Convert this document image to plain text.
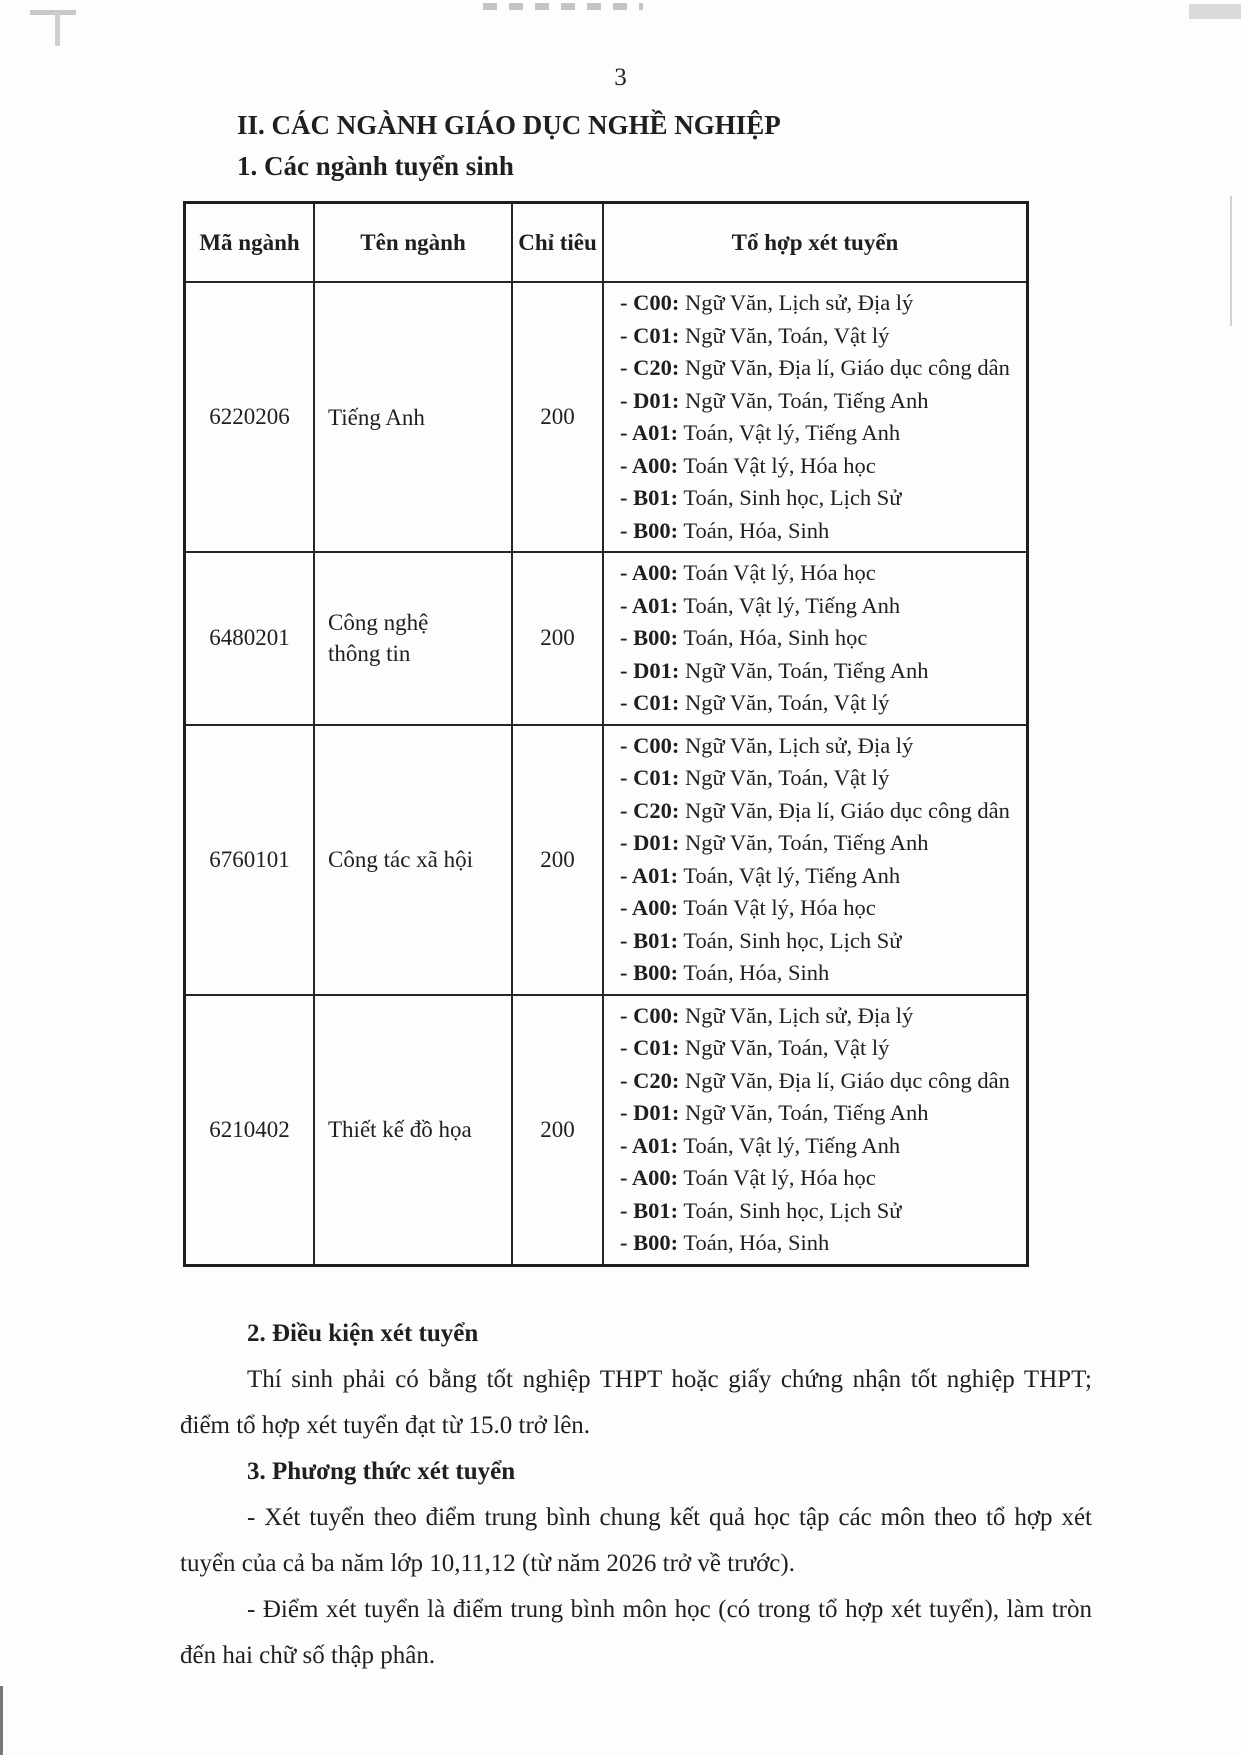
3
II. CÁC NGÀNH GIÁO DỤC NGHỀ NGHIỆP
1. Các ngành tuyển sinh
Mã ngành	Tên ngành	Chỉ tiêu	Tổ hợp xét tuyển
6220206	Tiếng Anh	200	
- C00: Ngữ Văn, Lịch sử, Địa lý
- C01: Ngữ Văn, Toán, Vật lý
- C20: Ngữ Văn, Địa lí, Giáo dục công dân
- D01: Ngữ Văn, Toán, Tiếng Anh
- A01: Toán, Vật lý, Tiếng Anh
- A00: Toán Vật lý, Hóa học
- B01: Toán, Sinh học, Lịch Sử
- B00: Toán, Hóa, Sinh

6480201	Công nghệ thông tin	200	- A00: Toán Vật lý, Hóa học
- A01: Toán, Vật lý, Tiếng Anh
- B00: Toán, Hóa, Sinh học
- D01: Ngữ Văn, Toán, Tiếng Anh
- C01: Ngữ Văn, Toán, Vật lý

6760101	Công tác xã hội	200	
- C00: Ngữ Văn, Lịch sử, Địa lý
- C01: Ngữ Văn, Toán, Vật lý
- C20: Ngữ Văn, Địa lí, Giáo dục công dân
- D01: Ngữ Văn, Toán, Tiếng Anh
- A01: Toán, Vật lý, Tiếng Anh
- A00: Toán Vật lý, Hóa học
- B01: Toán, Sinh học, Lịch Sử
- B00: Toán, Hóa, Sinh

6210402	Thiết kế đồ họa	200	
- C00: Ngữ Văn, Lịch sử, Địa lý
- C01: Ngữ Văn, Toán, Vật lý
- C20: Ngữ Văn, Địa lí, Giáo dục công dân
- D01: Ngữ Văn, Toán, Tiếng Anh
- A01: Toán, Vật lý, Tiếng Anh
- A00: Toán Vật lý, Hóa học
- B01: Toán, Sinh học, Lịch Sử
- B00: Toán, Hóa, Sinh
2. Điều kiện xét tuyển

Thí sinh phải có bằng tốt nghiệp THPT hoặc giấy chứng nhận tốt nghiệp THPT; điểm tổ hợp xét tuyển đạt từ 15.0 trở lên.

3. Phương thức xét tuyển

- Xét tuyển theo điểm trung bình chung kết quả học tập các môn theo tổ hợp xét tuyển của cả ba năm lớp 10,11,12 (từ năm 2026 trở về trước).

- Điểm xét tuyển là điểm trung bình môn học (có trong tổ hợp xét tuyển), làm tròn đến hai chữ số thập phân.
